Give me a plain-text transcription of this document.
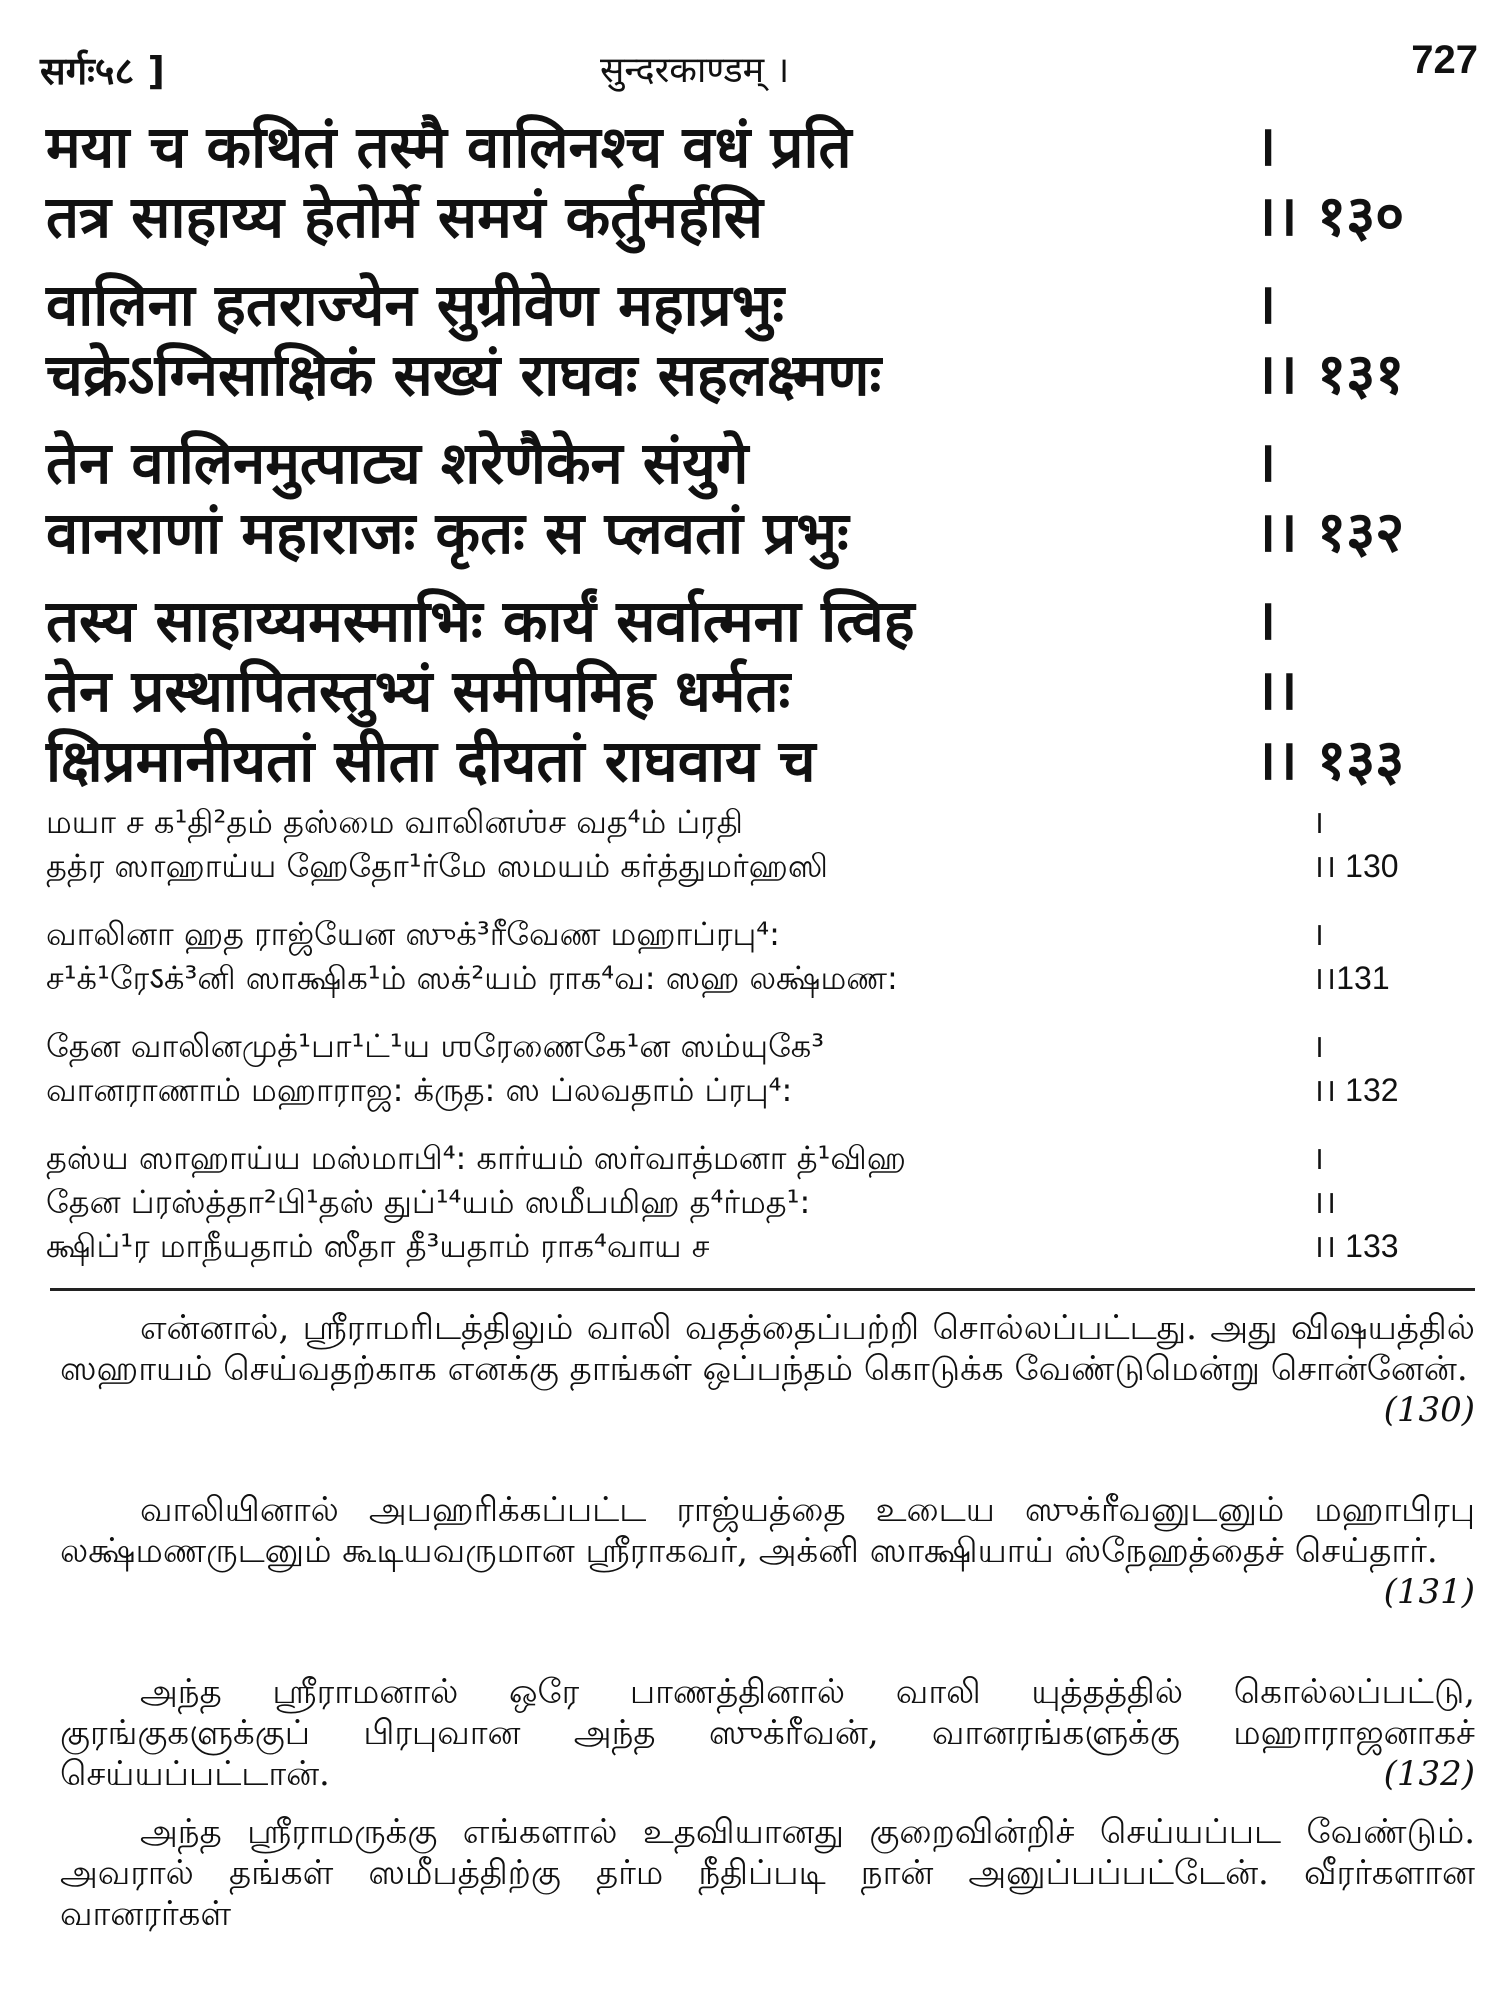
सर्गः५८ ]	सुन्दरकाण्डम् ।	727
मया च कथितं तस्मै वालिनश्च वधं प्रति	।
तत्र साहाय्य हेतोर्मे समयं कर्तुमर्हसि	।। १३०
वालिना हतराज्येन सुग्रीवेण महाप्रभुः	।
चक्रेऽग्निसाक्षिकं सख्यं राघवः सहलक्ष्मणः	।। १३१
तेन वालिनमुत्पाट्य शरेणैकेन संयुगे	।
वानराणां महाराजः कृतः स प्लवतां प्रभुः	।। १३२
तस्य साहाय्यमस्माभिः कार्यं सर्वात्मना त्विह	।
तेन प्रस्थापितस्तुभ्यं समीपमिह धर्मतः	।।
क्षिप्रमानीयतां सीता दीयतां राघवाय च	।। १३३
மயா ச க¹தி²தம் தஸ்மை வாலினஶ்ச வத⁴ம் ப்ரதி	।
தத்ர ஸாஹாய்ய ஹேதோ¹ர்மே ஸமயம் கர்த்துமர்ஹஸி	।। 130
வாலினா ஹத ராஜ்யேன ஸுக்³ரீவேண மஹாப்ரபு⁴:	।
ச¹க்¹ரேऽக்³னி ஸாக்ஷிக¹ம் ஸக்²யம் ராக⁴வ: ஸஹ லக்ஷ்மண:	।।131
தேன வாலினமுத்¹பா¹ட்¹ய ஶரேணைகே¹ன ஸம்யுகே³	।
வானராணாம் மஹாராஜ: க்ருத: ஸ ப்லவதாம் ப்ரபு⁴:	।। 132
தஸ்ய ஸாஹாய்ய மஸ்மாபி⁴: கார்யம் ஸர்வாத்மனா த்¹விஹ	।
தேன ப்ரஸ்த்தா²பி¹தஸ் துப்¹⁴யம் ஸமீபமிஹ த⁴ர்மத¹:	।।
க்ஷிப்¹ர மாநீயதாம் ஸீதா தீ³யதாம் ராக⁴வாய ச	।। 133
என்னால், ஸ்ரீராமரிடத்திலும் வாலி வதத்தைப்பற்றி சொல்லப்பட்டது. அது விஷயத்தில் ஸஹாயம் செய்வதற்காக எனக்கு தாங்கள் ஒப்பந்தம் கொடுக்க வேண்டுமென்று சொன்னேன்.
(130)
வாலியினால் அபஹரிக்கப்பட்ட ராஜ்யத்தை உடைய ஸுக்ரீவனுடனும் மஹாபிரபு லக்ஷ்மணருடனும் கூடியவருமான ஸ்ரீராகவர், அக்னி ஸாக்ஷியாய் ஸ்நேஹத்தைச் செய்தார்.
(131)
அந்த ஸ்ரீராமனால் ஒரே பாணத்தினால் வாலி யுத்தத்தில் கொல்லப்பட்டு, குரங்குகளுக்குப் பிரபுவான அந்த ஸுக்ரீவன், வானரங்களுக்கு மஹாராஜனாகச் செய்யப்பட்டான்.	(132)
அந்த ஸ்ரீராமருக்கு எங்களால் உதவியானது குறைவின்றிச் செய்யப்பட வேண்டும். அவரால் தங்கள் ஸமீபத்திற்கு தர்ம நீதிப்படி நான் அனுப்பப்பட்டேன். வீரர்களான வானரர்கள்
